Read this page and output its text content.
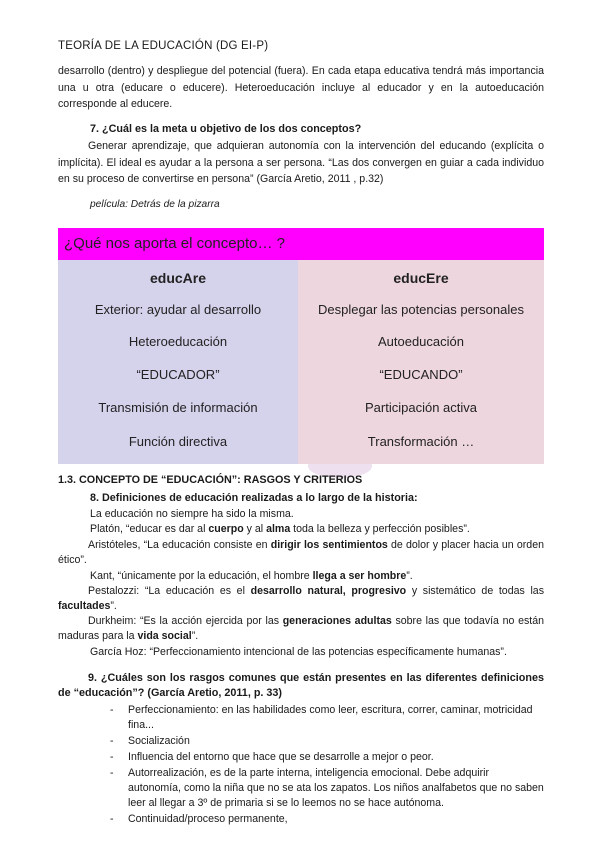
TEORÍA DE LA EDUCACIÓN (DG EI-P)
desarrollo (dentro) y despliegue del potencial (fuera). En cada etapa educativa tendrá más importancia una u otra (educare o educere). Heteroeducación incluye al educador y en la autoeducación corresponde al educere.
7. ¿Cuál es la meta u objetivo de los dos conceptos?
Generar aprendizaje, que adquieran autonomía con la intervención del educando (explícita o implícita). El ideal es ayudar a la persona a ser persona. “Las dos convergen en guiar a cada individuo en su proceso de convertirse en persona” (García Aretio, 2011 , p.32)
película: Detrás de la pizarra
¿Qué nos aporta el concepto… ?
educAre
Exterior: ayudar al desarrollo
Heteroeducación
“EDUCADOR”
Transmisión de información
Función directiva
educEre
Desplegar las potencias personales
Autoeducación
“EDUCANDO”
Participación activa
Transformación …
1.3. CONCEPTO DE “EDUCACIÓN”: RASGOS Y CRITERIOS
8. Definiciones de educación realizadas a lo largo de la historia:
La educación no siempre ha sido la misma.
Platón, “educar es dar al cuerpo y al alma toda la belleza y perfección posibles”.
Aristóteles, “La educación consiste en dirigir los sentimientos de dolor y placer hacia un orden ético”.
Kant, “únicamente por la educación, el hombre llega a ser hombre”.
Pestalozzi: “La educación es el desarrollo natural, progresivo y sistemático de todas las facultades”.
Durkheim: “Es la acción ejercida por las generaciones adultas sobre las que todavía no están maduras para la vida social”.
García Hoz: “Perfeccionamiento intencional de las potencias específicamente humanas”.
9. ¿Cuáles son los rasgos comunes que están presentes en las diferentes definiciones de “educación”? (García Aretio, 2011, p. 33)
- Perfeccionamiento: en las habilidades como leer, escritura, correr, caminar, motricidad fina...
- Socialización
- Influencia del entorno que hace que se desarrolle a mejor o peor.
- Autorrealización, es de la parte interna, inteligencia emocional. Debe adquirir autonomía, como la niña que no se ata los zapatos. Los niños analfabetos que no saben leer al llegar a 3º de primaria si se lo leemos no se hace autónoma.
- Continuidad/proceso permanente,
